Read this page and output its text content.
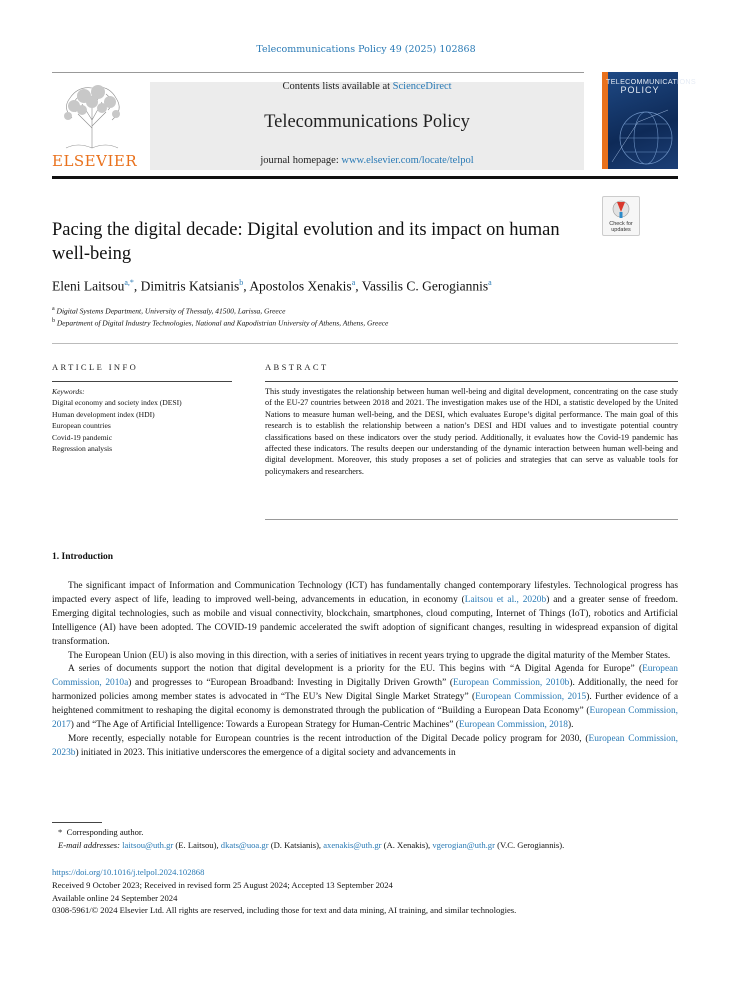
Telecommunications Policy 49 (2025) 102868
ELSEVIER
Contents lists available at ScienceDirect
Telecommunications Policy
journal homepage: www.elsevier.com/locate/telpol
TELECOMMUNICATIONS
POLICY
Check for updates
Pacing the digital decade: Digital evolution and its impact on human well-being
Eleni Laitsou$^{a,*}$, Dimitris Katsianis$^b$, Apostolos Xenakis$^a$, Vassilis C. Gerogiannis$^a$
$^a$ Digital Systems Department, University of Thessaly, 41500, Larissa, Greece
$^b$ Department of Digital Industry Technologies, National and Kapodistrian University of Athens, Athens, Greece
ARTICLE INFO
Keywords:
Digital economy and society index (DESI)
Human development index (HDI)
European countries
Covid-19 pandemic
Regression analysis
ABSTRACT
This study investigates the relationship between human well-being and digital development, concentrating on the case study of the EU-27 countries between 2018 and 2021. The investigation makes use of the HDI, a statistic developed by the United Nations to measure human well-being, and the DESI, which evaluates Europe’s digital performance. The main goal of this research is to establish the relationship between a nation’s DESI and HDI values and to investigate potential country classifications based on these indicators over the study period. Additionally, it evaluates how the Covid-19 pandemic has affected these indicators. The results deepen our understanding of the dynamic interaction between human well-being and digital development. Moreover, this study proposes a set of policies and strategies that can serve as valuable tools for policymakers and researchers.
1. Introduction

The significant impact of Information and Communication Technology (ICT) has fundamentally changed contemporary lifestyles. Technological progress has impacted every aspect of life, leading to improved well-being, advancements in education, in economy (Laitsou et al., 2020b) and a greater sense of freedom. Emerging digital technologies, such as mobile and visual connectivity, blockchain, smartphones, cloud computing, Internet of Things (IoT), robotics and Artificial Intelligence (AI) have been adopted. The COVID-19 pandemic accelerated the swift adoption of significant changes, resulting in widespread expansion of digital transformation.

The European Union (EU) is also moving in this direction, with a series of initiatives in recent years trying to upgrade the digital maturity of the Member States.

A series of documents support the notion that digital development is a priority for the EU. This begins with “A Digital Agenda for Europe” (European Commission, 2010a) and progresses to “European Broadband: Investing in Digitally Driven Growth” (European Commission, 2010b). Additionally, the need for harmonized policies among member states is advocated in “The EU’s New Digital Single Market Strategy” (European Commission, 2015). Further evidence of a heightened commitment to reshaping the digital economy is demonstrated through the publication of “Building a European Data Economy” (European Commission, 2017) and “The Age of Artificial Intelligence: Towards a European Strategy for Human-Centric Machines” (European Commission, 2018).

More recently, especially notable for European countries is the recent introduction of the Digital Decade policy program for 2030, (European Commission, 2023b) initiated in 2023. This initiative underscores the emergence of a digital society and advancements in

* Corresponding author.
E-mail addresses: laitsou@uth.gr (E. Laitsou), dkats@uoa.gr (D. Katsianis), axenakis@uth.gr (A. Xenakis), vgerogian@uth.gr (V.C. Gerogiannis).
https://doi.org/10.1016/j.telpol.2024.102868
Received 9 October 2023; Received in revised form 25 August 2024; Accepted 13 September 2024
Available online 24 September 2024
0308-5961/© 2024 Elsevier Ltd. All rights are reserved, including those for text and data mining, AI training, and similar technologies.
